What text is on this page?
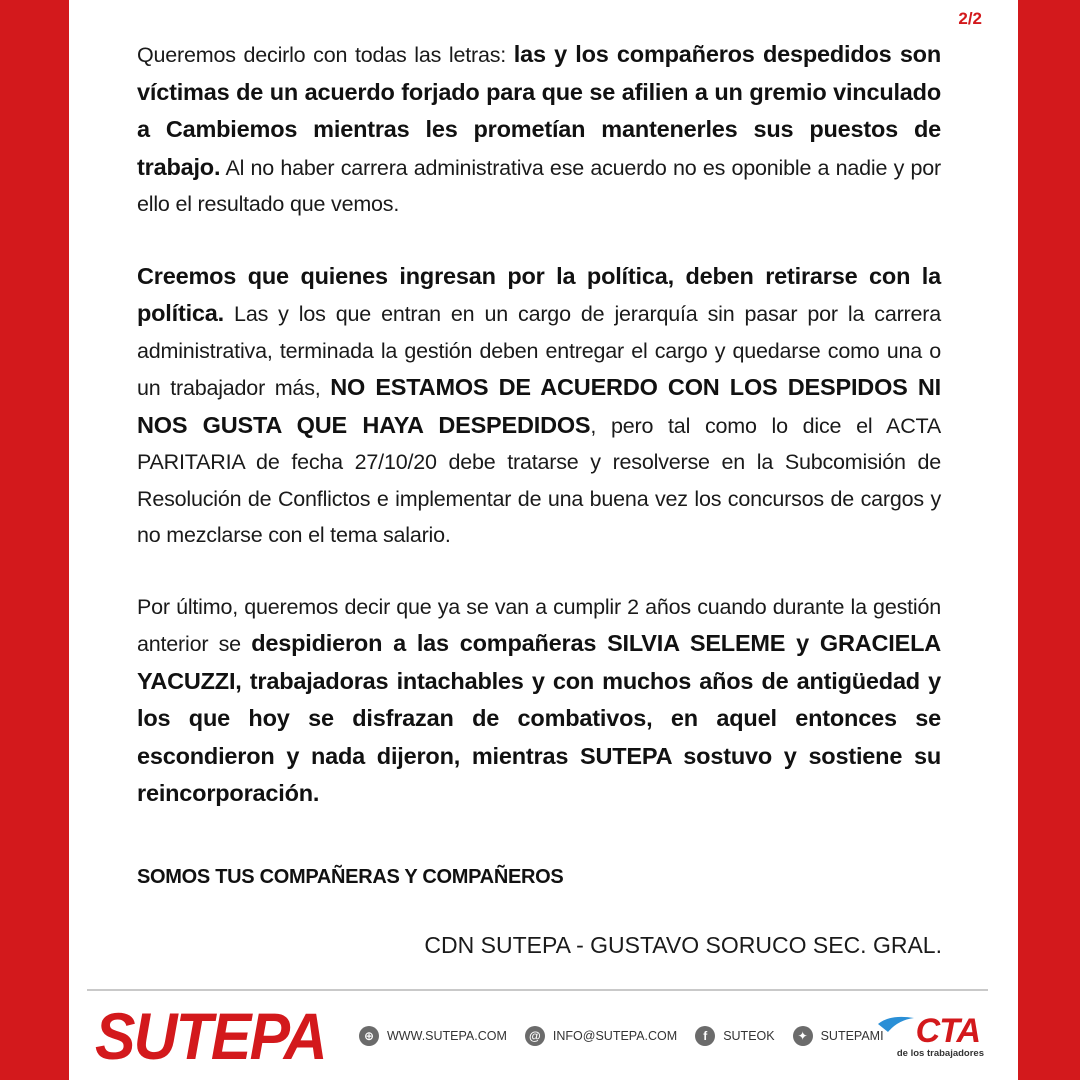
2/2

Queremos decirlo con todas las letras: las y los compañeros despedidos son víctimas de un acuerdo forjado para que se afilien a un gremio vinculado a Cambiemos mientras les prometían mantenerles sus puestos de trabajo. Al no haber carrera administrativa ese acuerdo no es oponible a nadie y por ello el resultado que vemos.

Creemos que quienes ingresan por la política, deben retirarse con la política. Las y los que entran en un cargo de jerarquía sin pasar por la carrera administrativa, terminada la gestión deben entregar el cargo y quedarse como una o un trabajador más, NO ESTAMOS DE ACUERDO CON LOS DESPIDOS NI NOS GUSTA QUE HAYA DESPEDIDOS, pero tal como lo dice el ACTA PARITARIA de fecha 27/10/20 debe tratarse y resolverse en la Subcomisión de Resolución de Conflictos e implementar de una buena vez los concursos de cargos y no mezclarse con el tema salario.

Por último, queremos decir que ya se van a cumplir 2 años cuando durante la gestión anterior se despidieron a las compañeras SILVIA SELEME y GRACIELA YACUZZI, trabajadoras intachables y con muchos años de antigüedad y los que hoy se disfrazan de combativos, en aquel entonces se escondieron y nada dijeron, mientras SUTEPA sostuvo y sostiene su reincorporación.

SOMOS TUS COMPAÑERAS Y COMPAÑEROS
CDN SUTEPA - GUSTAVO SORUCO SEC. GRAL.
SUTEPA	⊕	WWW.SUTEPA.COM	@ INFO@SUTEPA.COM	f	SUTEOK	✦	SUTEPAMI CTA
de los trabajadores
